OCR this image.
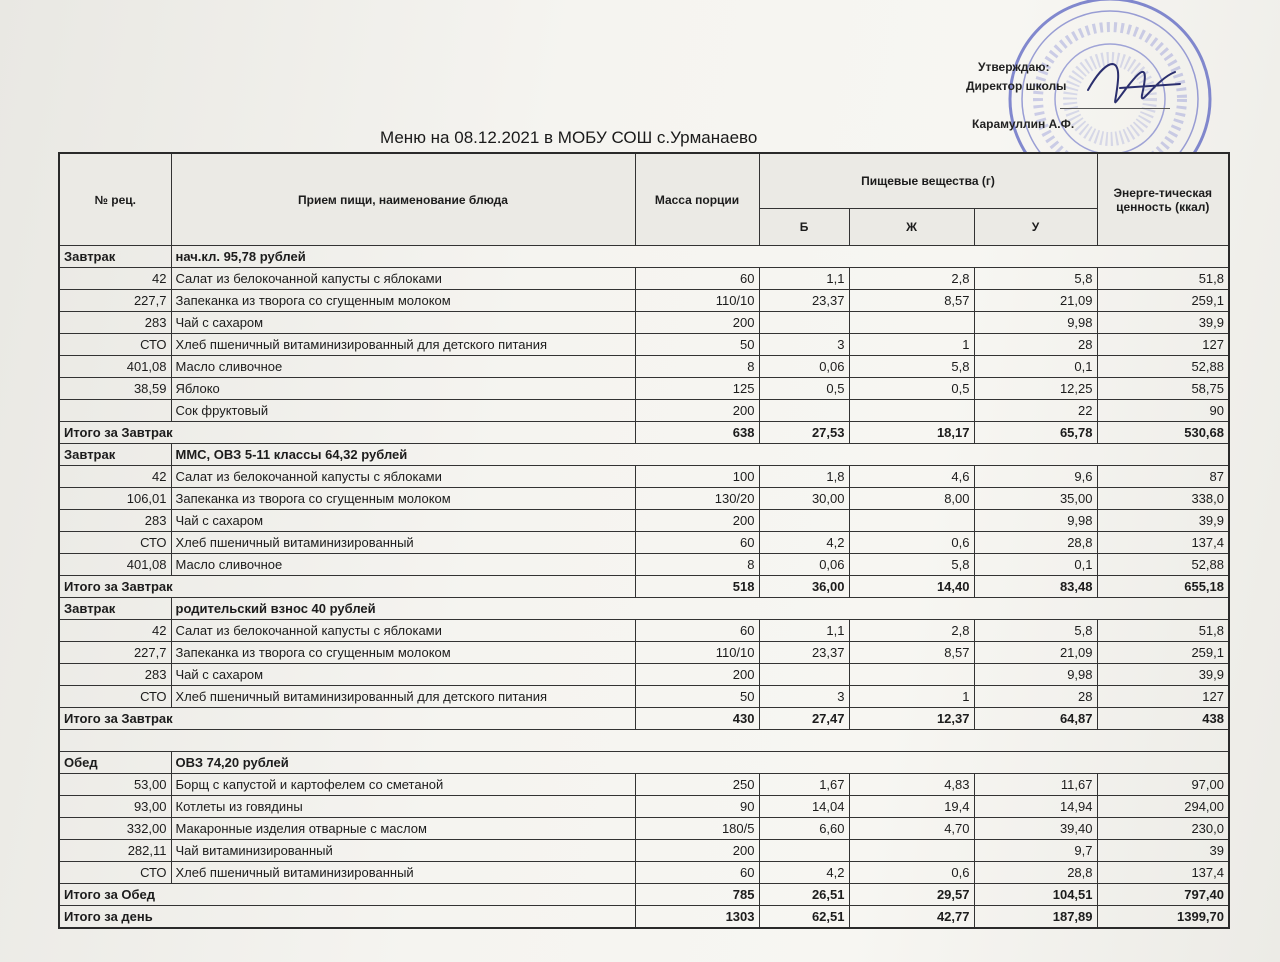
Утверждаю:
Директор школы
Карамуллин А.Ф.
Меню на 08.12.2021 в МОБУ СОШ с.Урманаево
№ рец.	Прием пищи, наименование блюда	Масса порции	Пищевые вещества (г)			Энерге-тическая ценность (ккал)
			Б	Ж	У	
Завтрак	нач.кл. 95,78 рублей					
42	Салат из белокочанной капусты с яблоками	60	1,1	2,8	5,8	51,8
227,7	Запеканка из творога со сгущенным молоком	110/10	23,37	8,57	21,09	259,1
283	Чай с сахаром	200			9,98	39,9
СТО	Хлеб пшеничный витаминизированный для детского питания	50	3	1	28	127
401,08	Масло сливочное	8	0,06	5,8	0,1	52,88
38,59	Яблоко	125	0,5	0,5	12,25	58,75
	Сок фруктовый	200			22	90
Итого за Завтрак		638	27,53	18,17	65,78	530,68
Завтрак	ММС, ОВЗ 5-11 классы 64,32 рублей					
42	Салат из белокочанной капусты с яблоками	100	1,8	4,6	9,6	87
106,01	Запеканка из творога со сгущенным молоком	130/20	30,00	8,00	35,00	338,0
283	Чай с сахаром	200			9,98	39,9
СТО	Хлеб пшеничный витаминизированный	60	4,2	0,6	28,8	137,4
401,08	Масло сливочное	8	0,06	5,8	0,1	52,88
Итого за Завтрак		518	36,00	14,40	83,48	655,18
Завтрак	родительский взнос 40 рублей					
42	Салат из белокочанной капусты с яблоками	60	1,1	2,8	5,8	51,8
227,7	Запеканка из творога со сгущенным молоком	110/10	23,37	8,57	21,09	259,1
283	Чай с сахаром	200			9,98	39,9
СТО	Хлеб пшеничный витаминизированный для детского питания	50	3	1	28	127
Итого за Завтрак		430	27,47	12,37	64,87	438

Обед	ОВЗ 74,20 рублей					
53,00	Борщ с капустой и картофелем со сметаной	250	1,67	4,83	11,67	97,00
93,00	Котлеты из говядины	90	14,04	19,4	14,94	294,00
332,00	Макаронные изделия отварные с маслом	180/5	6,60	4,70	39,40	230,0
282,11	Чай витаминизированный	200			9,7	39
СТО	Хлеб пшеничный витаминизированный	60	4,2	0,6	28,8	137,4
Итого за Обед		785	26,51	29,57	104,51	797,40
Итого за день		1303	62,51	42,77	187,89	1399,70
